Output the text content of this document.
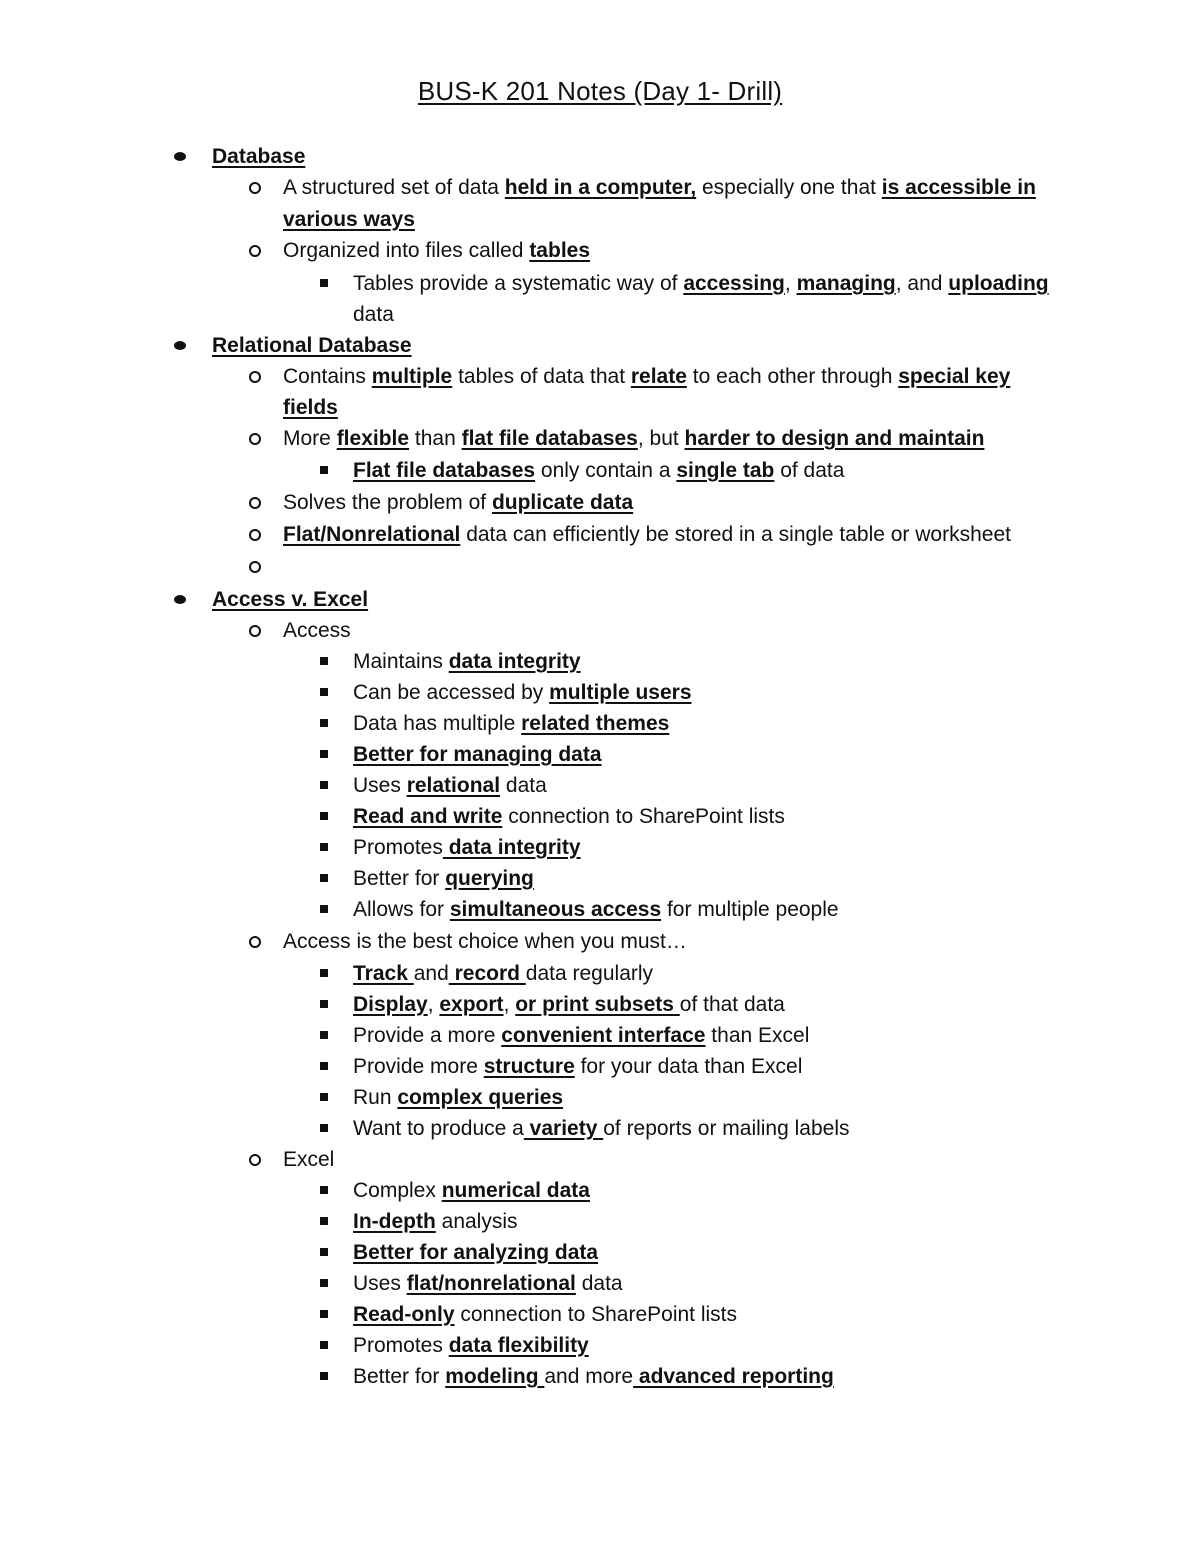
BUS-K 201 Notes (Day 1- Drill)
Database
A structured set of data held in a computer, especially one that is accessible in
various ways
Organized into files called tables
Tables provide a systematic way of accessing, managing, and uploading
data
Relational Database
Contains multiple tables of data that relate to each other through special key
fields
More flexible than flat file databases, but harder to design and maintain
Flat file databases only contain a single tab of data
Solves the problem of duplicate data
Flat/Nonrelational data can efficiently be stored in a single table or worksheet
Access v. Excel
Access
Maintains data integrity
Can be accessed by multiple users
Data has multiple related themes
Better for managing data
Uses relational data
Read and write connection to SharePoint lists
Promotes data integrity
Better for querying
Allows for simultaneous access for multiple people
Access is the best choice when you must…
Track and record data regularly
Display, export, or print subsets of that data
Provide a more convenient interface than Excel
Provide more structure for your data than Excel
Run complex queries
Want to produce a variety of reports or mailing labels
Excel
Complex numerical data
In-depth analysis
Better for analyzing data
Uses flat/nonrelational data
Read-only connection to SharePoint lists
Promotes data flexibility
Better for modeling and more advanced reporting
